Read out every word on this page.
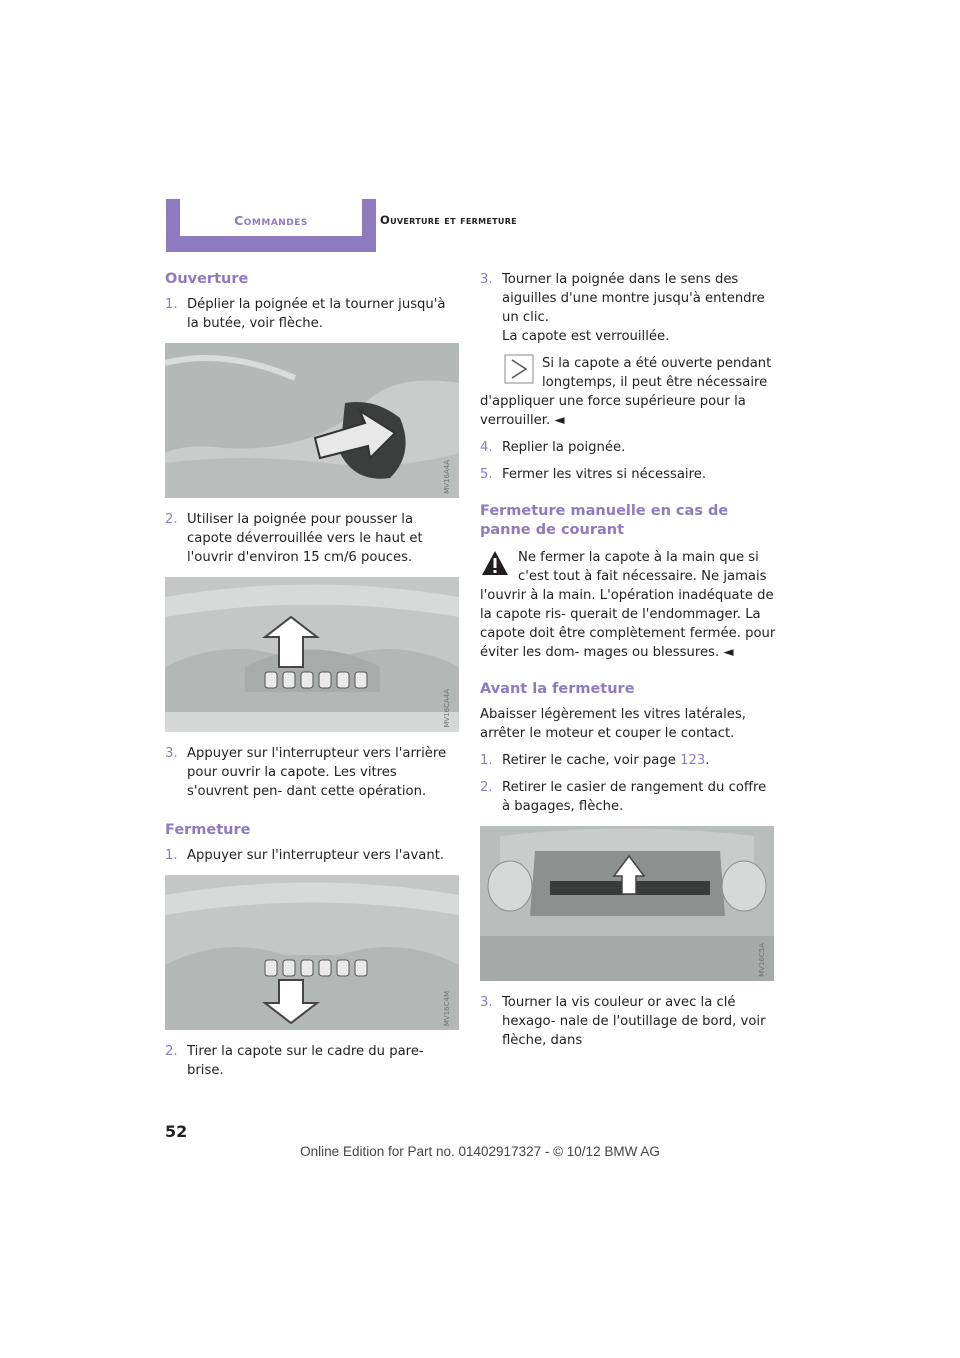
Commandes	Ouverture et fermeture
Ouverture
1. Déplier la poignée et la tourner jusqu'à la butée, voir flèche.
MV16A4A
2. Utiliser la poignée pour pousser la capote déverrouillée vers le haut et l'ouvrir d'environ 15 cm/6 pouces.
MV16CA4A
3. Appuyer sur l'interrupteur vers l'arrière pour ouvrir la capote. Les vitres s'ouvrent pen- dant cette opération.
Fermeture
1. Appuyer sur l'interrupteur vers l'avant.
MV16C4M
2. Tirer la capote sur le cadre du pare-brise.
3. Tourner la poignée dans le sens des aiguilles d'une montre jusqu'à entendre un clic.
La capote est verrouillée.
Si la capote a été ouverte pendant longtemps, il peut être nécessaire d'appliquer une force supérieure pour la verrouiller. ◄
4. Replier la poignée.
5. Fermer les vitres si nécessaire.
Fermeture manuelle en cas de panne de courant
Ne fermer la capote à la main que si c'est tout à fait nécessaire. Ne jamais l'ouvrir à la main. L'opération inadéquate de la capote ris- querait de l'endommager. La capote doit être complètement fermée. pour éviter les dom- mages ou blessures. ◄
Avant la fermeture

Abaisser légèrement les vitres latérales, arrêter le moteur et couper le contact.

1. Retirer le cache, voir page 123.
2. Retirer le casier de rangement du coffre à bagages, flèche.
MV16C5A
3. Tourner la vis couleur or avec la clé hexago- nale de l'outillage de bord, voir flèche, dans
52
Online Edition for Part no. 01402917327 - © 10/12 BMW AG
